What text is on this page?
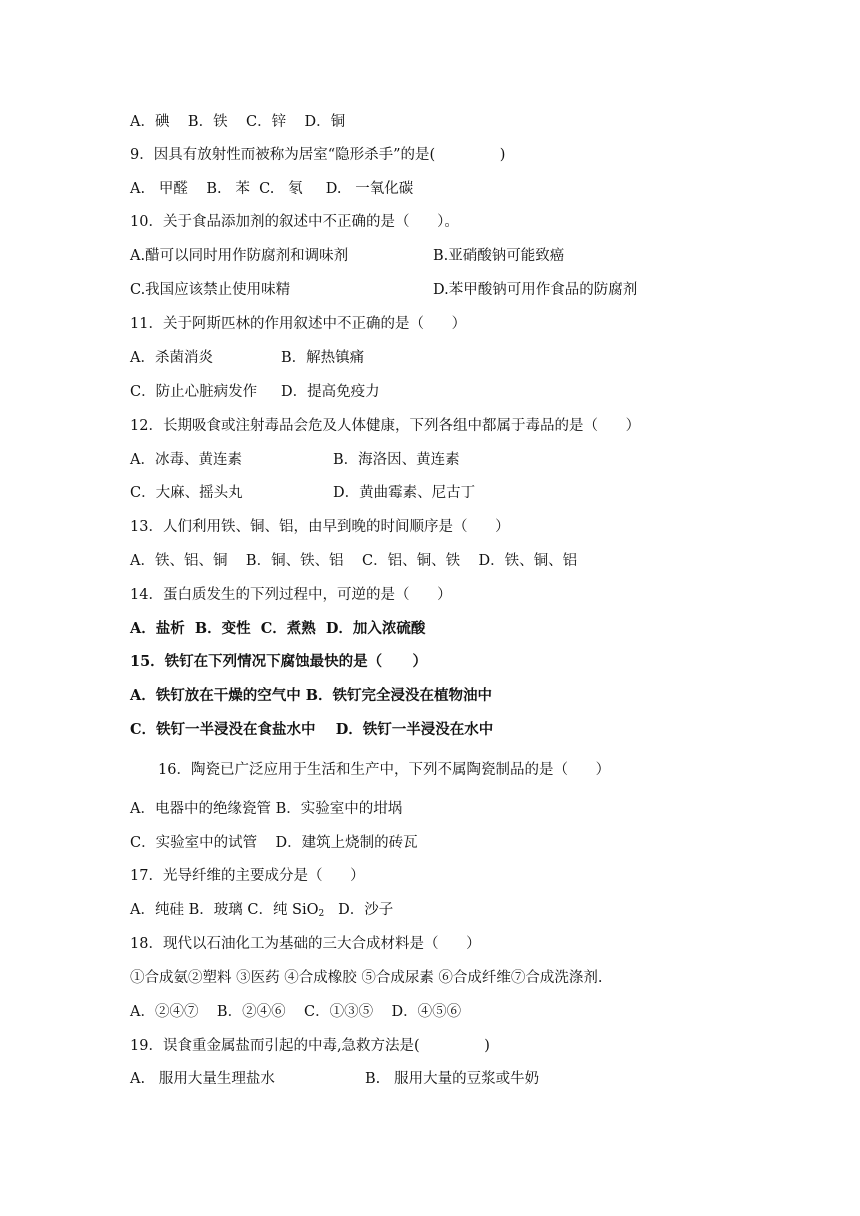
A．碘    B．铁    C．锌    D．铜
9．因具有放射性而被称为居室“隐形杀手”的是(              )
A.   甲醛    B.   苯  C.   氡     D.   一氧化碳
10．关于食品添加剂的叙述中不正确的是（      ）。
A.醋可以同时用作防腐剂和调味剂	B.亚硝酸钠可能致癌
C.我国应该禁止使用味精	D.苯甲酸钠可用作食品的防腐剂
11．关于阿斯匹林的作用叙述中不正确的是（      ）
A．杀菌消炎	B．解热镇痛
C．防止心脏病发作 D．提高免疫力
12．长期吸食或注射毒品会危及人体健康，下列各组中都属于毒品的是（      ）
A．冰毒、黄连素	B．海洛因、黄连素
C．大麻、摇头丸	D．黄曲霉素、尼古丁
13．人们利用铁、铜、铝，由早到晚的时间顺序是（      ）
A．铁、铝、铜    B．铜、铁、铝    C．铝、铜、铁    D．铁、铜、铝
14．蛋白质发生的下列过程中，可逆的是（      ）
A．盐析  B．变性  C．煮熟  D．加入浓硫酸
15．铁钉在下列情况下腐蚀最快的是（      ）
A．铁钉放在干燥的空气中 B．铁钉完全浸没在植物油中
C．铁钉一半浸没在食盐水中    D．铁钉一半浸没在水中
16．陶瓷已广泛应用于生活和生产中，下列不属陶瓷制品的是（      ）
A．电器中的绝缘瓷管 B．实验室中的坩埚
C．实验室中的试管    D．建筑上烧制的砖瓦
17．光导纤维的主要成分是（      ）
A．纯硅 B．玻璃 C．纯 SiO$_2$   D．沙子
18．现代以石油化工为基础的三大合成材料是（      ）
①合成氨②塑料 ③医药 ④合成橡胶 ⑤合成尿素 ⑥合成纤维⑦合成洗涤剂.
A．②④⑦    B．②④⑥    C．①③⑤    D．④⑤⑥
19．误食重金属盐而引起的中毒,急救方法是(              )
A.   服用大量生理盐水	B.   服用大量的豆浆或牛奶
